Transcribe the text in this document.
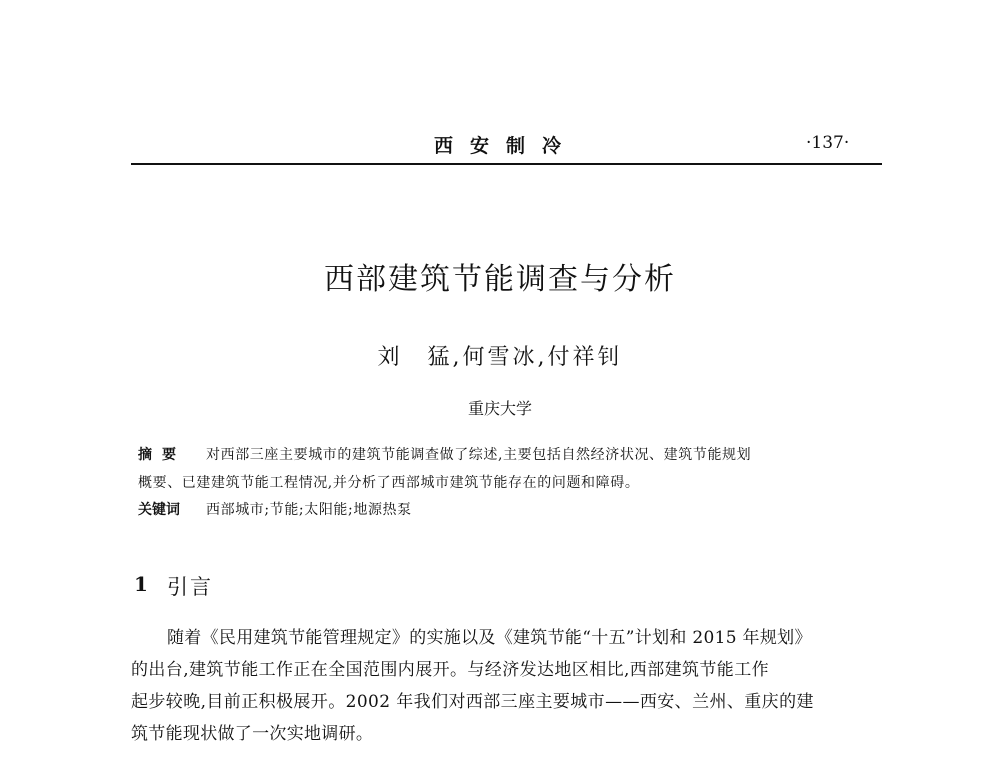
西安制冷	·137·
西部建筑节能调查与分析
刘　猛,何雪冰,付祥钊
重庆大学
摘要 对西部三座主要城市的建筑节能调查做了综述,主要包括自然经济状况、建筑节能规划
概要、已建建筑节能工程情况,并分析了西部城市建筑节能存在的问题和障碍。
关键词 西部城市;节能;太阳能;地源热泵
1 引言
随着《民用建筑节能管理规定》的实施以及《建筑节能“十五”计划和 2015 年规划》
的出台,建筑节能工作正在全国范围内展开。与经济发达地区相比,西部建筑节能工作
起步较晚,目前正积极展开。2002 年我们对西部三座主要城市——西安、兰州、重庆的建
筑节能现状做了一次实地调研。
